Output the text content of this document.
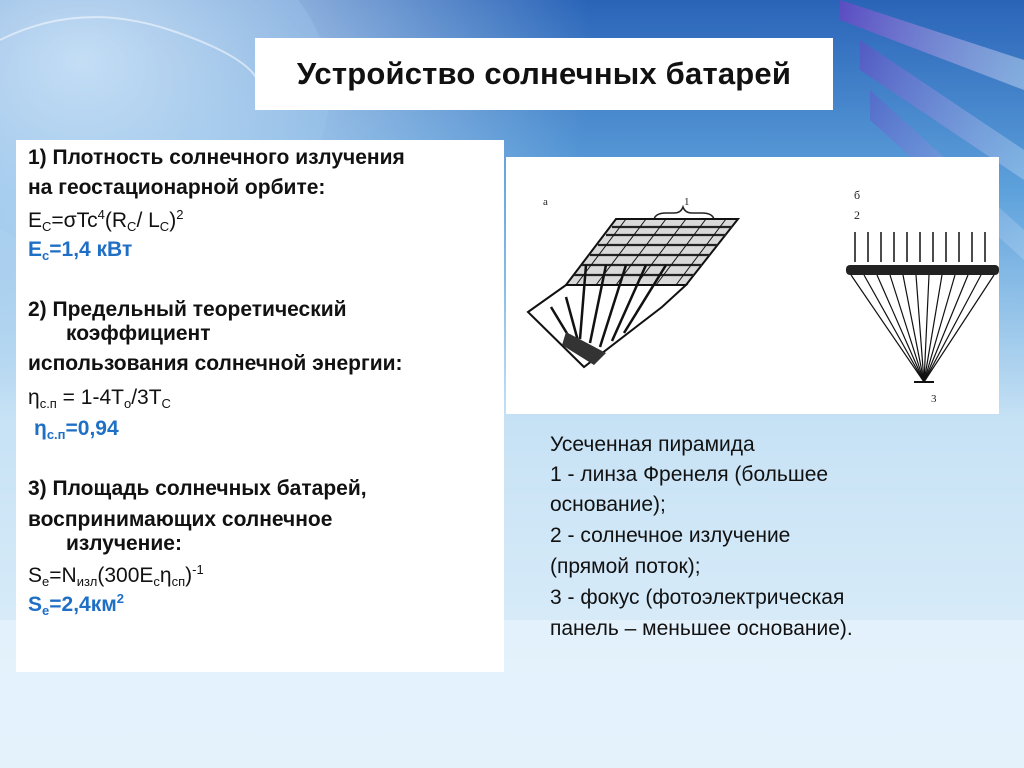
Устройство солнечных батарей
1) Плотность солнечного излучения
на геостационарной орбите:
$E_C=\sigma Tc^4(R_C/$ $L_C)^2$
$E_c=1,4$ кВт
2) Предельный теоретический
коэффициент
использования солнечной энергии:
$\eta_{с.п} = 1-4T_o/3T_C$
$\eta_{с.п}=0,94$
3) Площадь солнечных батарей,
воспринимающих солнечное
излучение:
$S_e=N_{изл}(300E_c\eta_{сп})^{-1}$
$S_e=2,4км^2$
а	1	б
2
3
Усеченная пирамида
1 - линза Френеля (большее
основание);
2 - солнечное излучение
(прямой поток);
3 - фокус (фотоэлектрическая
панель – меньшее основание).
